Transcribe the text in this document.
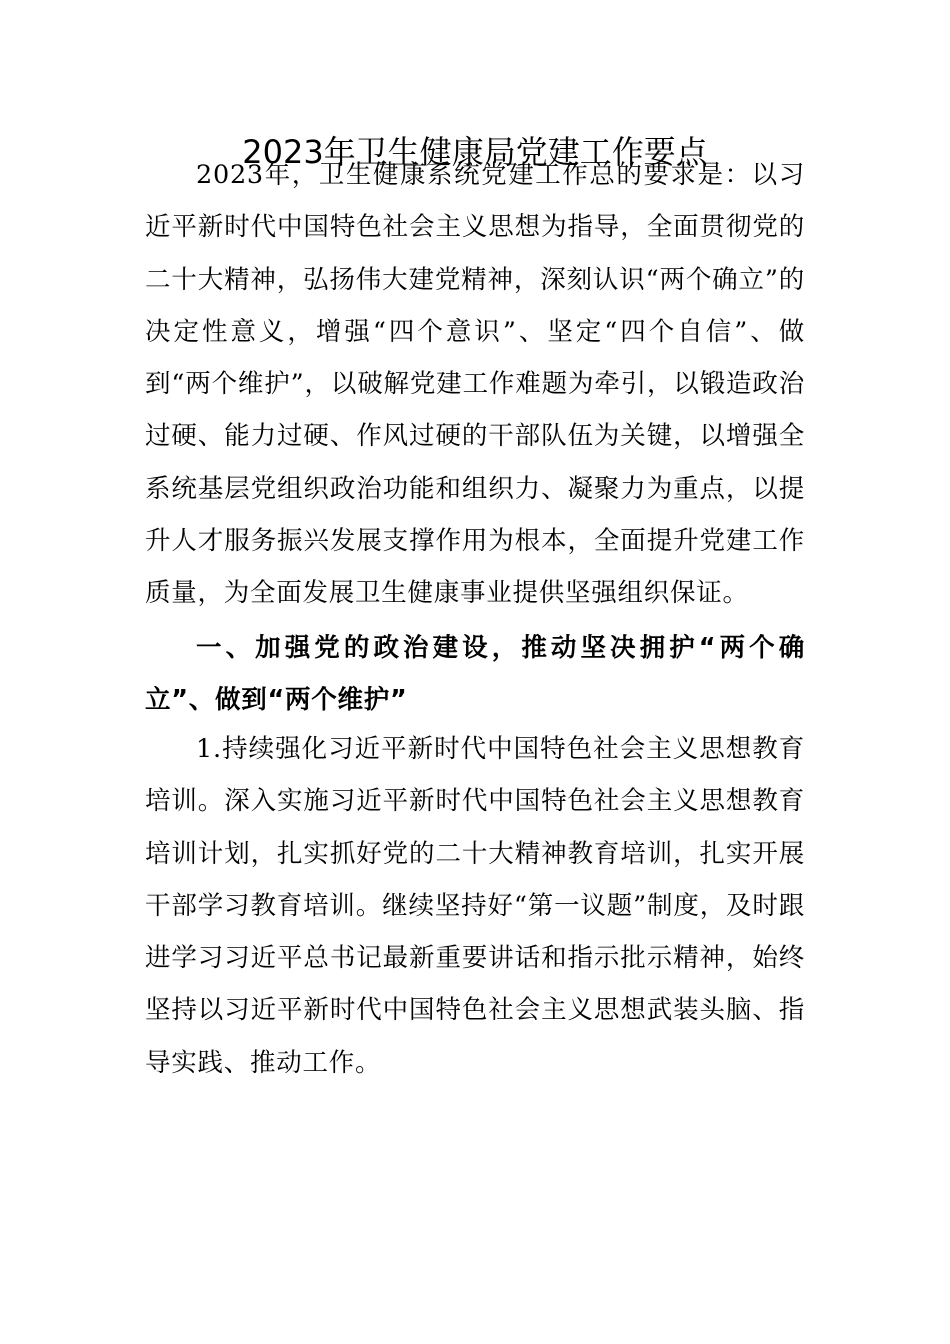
2023年卫生健康局党建工作要点

2023年，卫生健康系统党建工作总的要求是：以习近平新时代中国特色社会主义思想为指导，全面贯彻党的二十大精神，弘扬伟大建党精神，深刻认识“两个确立”的决定性意义，增强“四个意识”、坚定“四个自信”、做到“两个维护”，以破解党建工作难题为牵引，以锻造政治过硬、能力过硬、作风过硬的干部队伍为关键，以增强全系统基层党组织政治功能和组织力、凝聚力为重点，以提升人才服务振兴发展支撑作用为根本，全面提升党建工作质量，为全面发展卫生健康事业提供坚强组织保证。

一、加强党的政治建设，推动坚决拥护“两个确立”、做到“两个维护”

1.持续强化习近平新时代中国特色社会主义思想教育培训。深入实施习近平新时代中国特色社会主义思想教育培训计划，扎实抓好党的二十大精神教育培训，扎实开展干部学习教育培训。继续坚持好“第一议题”制度，及时跟进学习习近平总书记最新重要讲话和指示批示精神，始终坚持以习近平新时代中国特色社会主义思想武装头脑、指导实践、推动工作。
